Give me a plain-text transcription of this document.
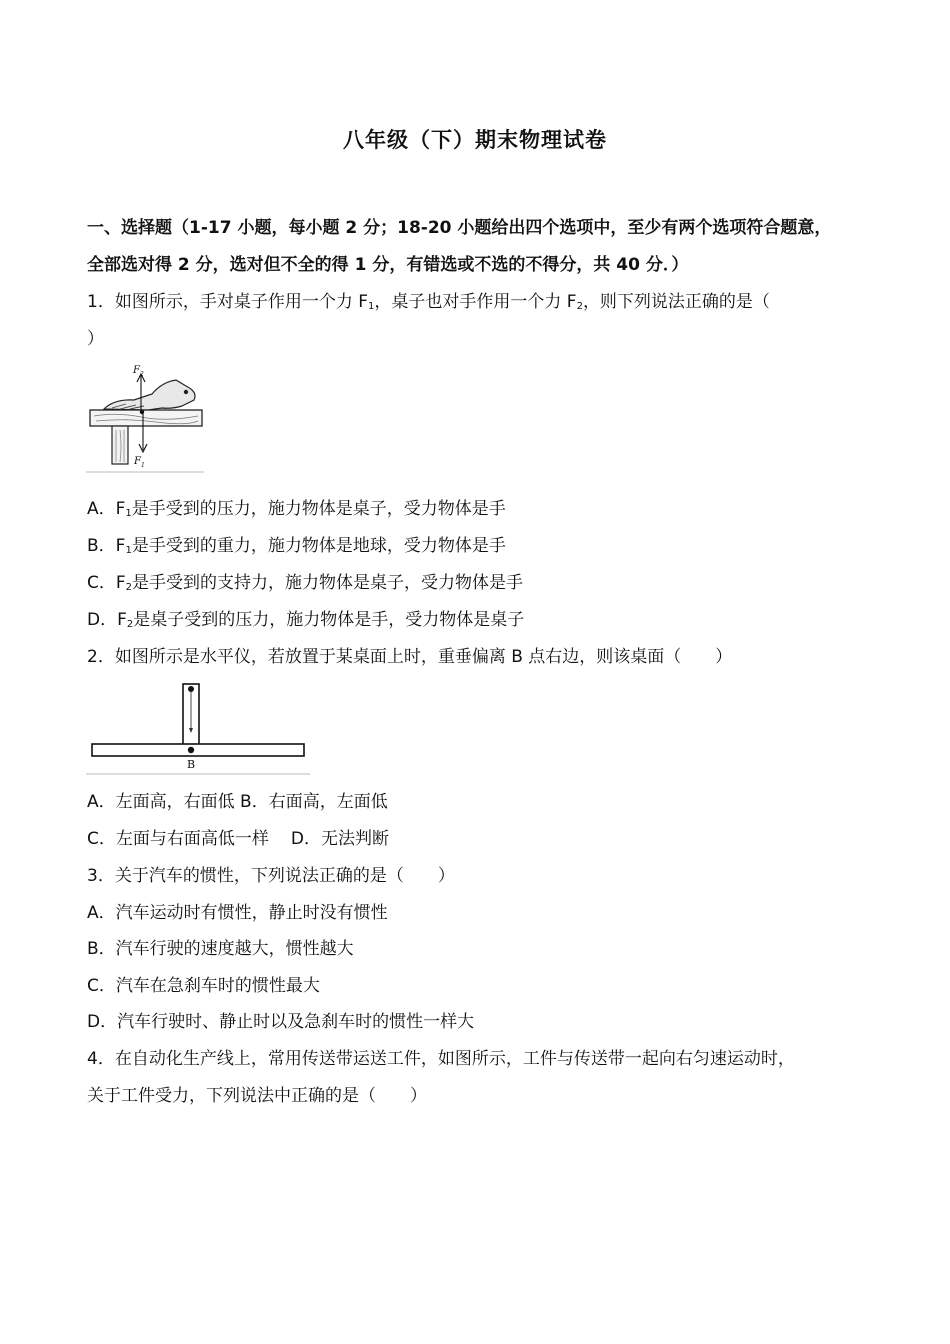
八年级（下）期末物理试卷
一、选择题（1-17 小题，每小题 2 分；18-20 小题给出四个选项中，至少有两个选项符合题意，
全部选对得 2 分，选对但不全的得 1 分，有错选或不选的不得分，共 40 分．）
1．如图所示，手对桌子作用一个力 $F_1$，桌子也对手作用一个力 $F_2$，则下列说法正确的是（
）
$F_2$
$F_1$
A．$F_1$是手受到的压力，施力物体是桌子，受力物体是手
B．$F_1$是手受到的重力，施力物体是地球，受力物体是手
C．$F_2$是手受到的支持力，施力物体是桌子，受力物体是手
D．$F_2$是桌子受到的压力，施力物体是手，受力物体是桌子
2．如图所示是水平仪，若放置于某桌面上时，重垂偏离 B 点右边，则该桌面（　　）
B
A．左面高，右面低 B．右面高，左面低
C．左面与右面高低一样 D．无法判断
3．关于汽车的惯性，下列说法正确的是（　　）
A．汽车运动时有惯性，静止时没有惯性
B．汽车行驶的速度越大，惯性越大
C．汽车在急刹车时的惯性最大
D．汽车行驶时、静止时以及急刹车时的惯性一样大
4．在自动化生产线上，常用传送带运送工件，如图所示，工件与传送带一起向右匀速运动时，
关于工件受力，下列说法中正确的是（　　）
